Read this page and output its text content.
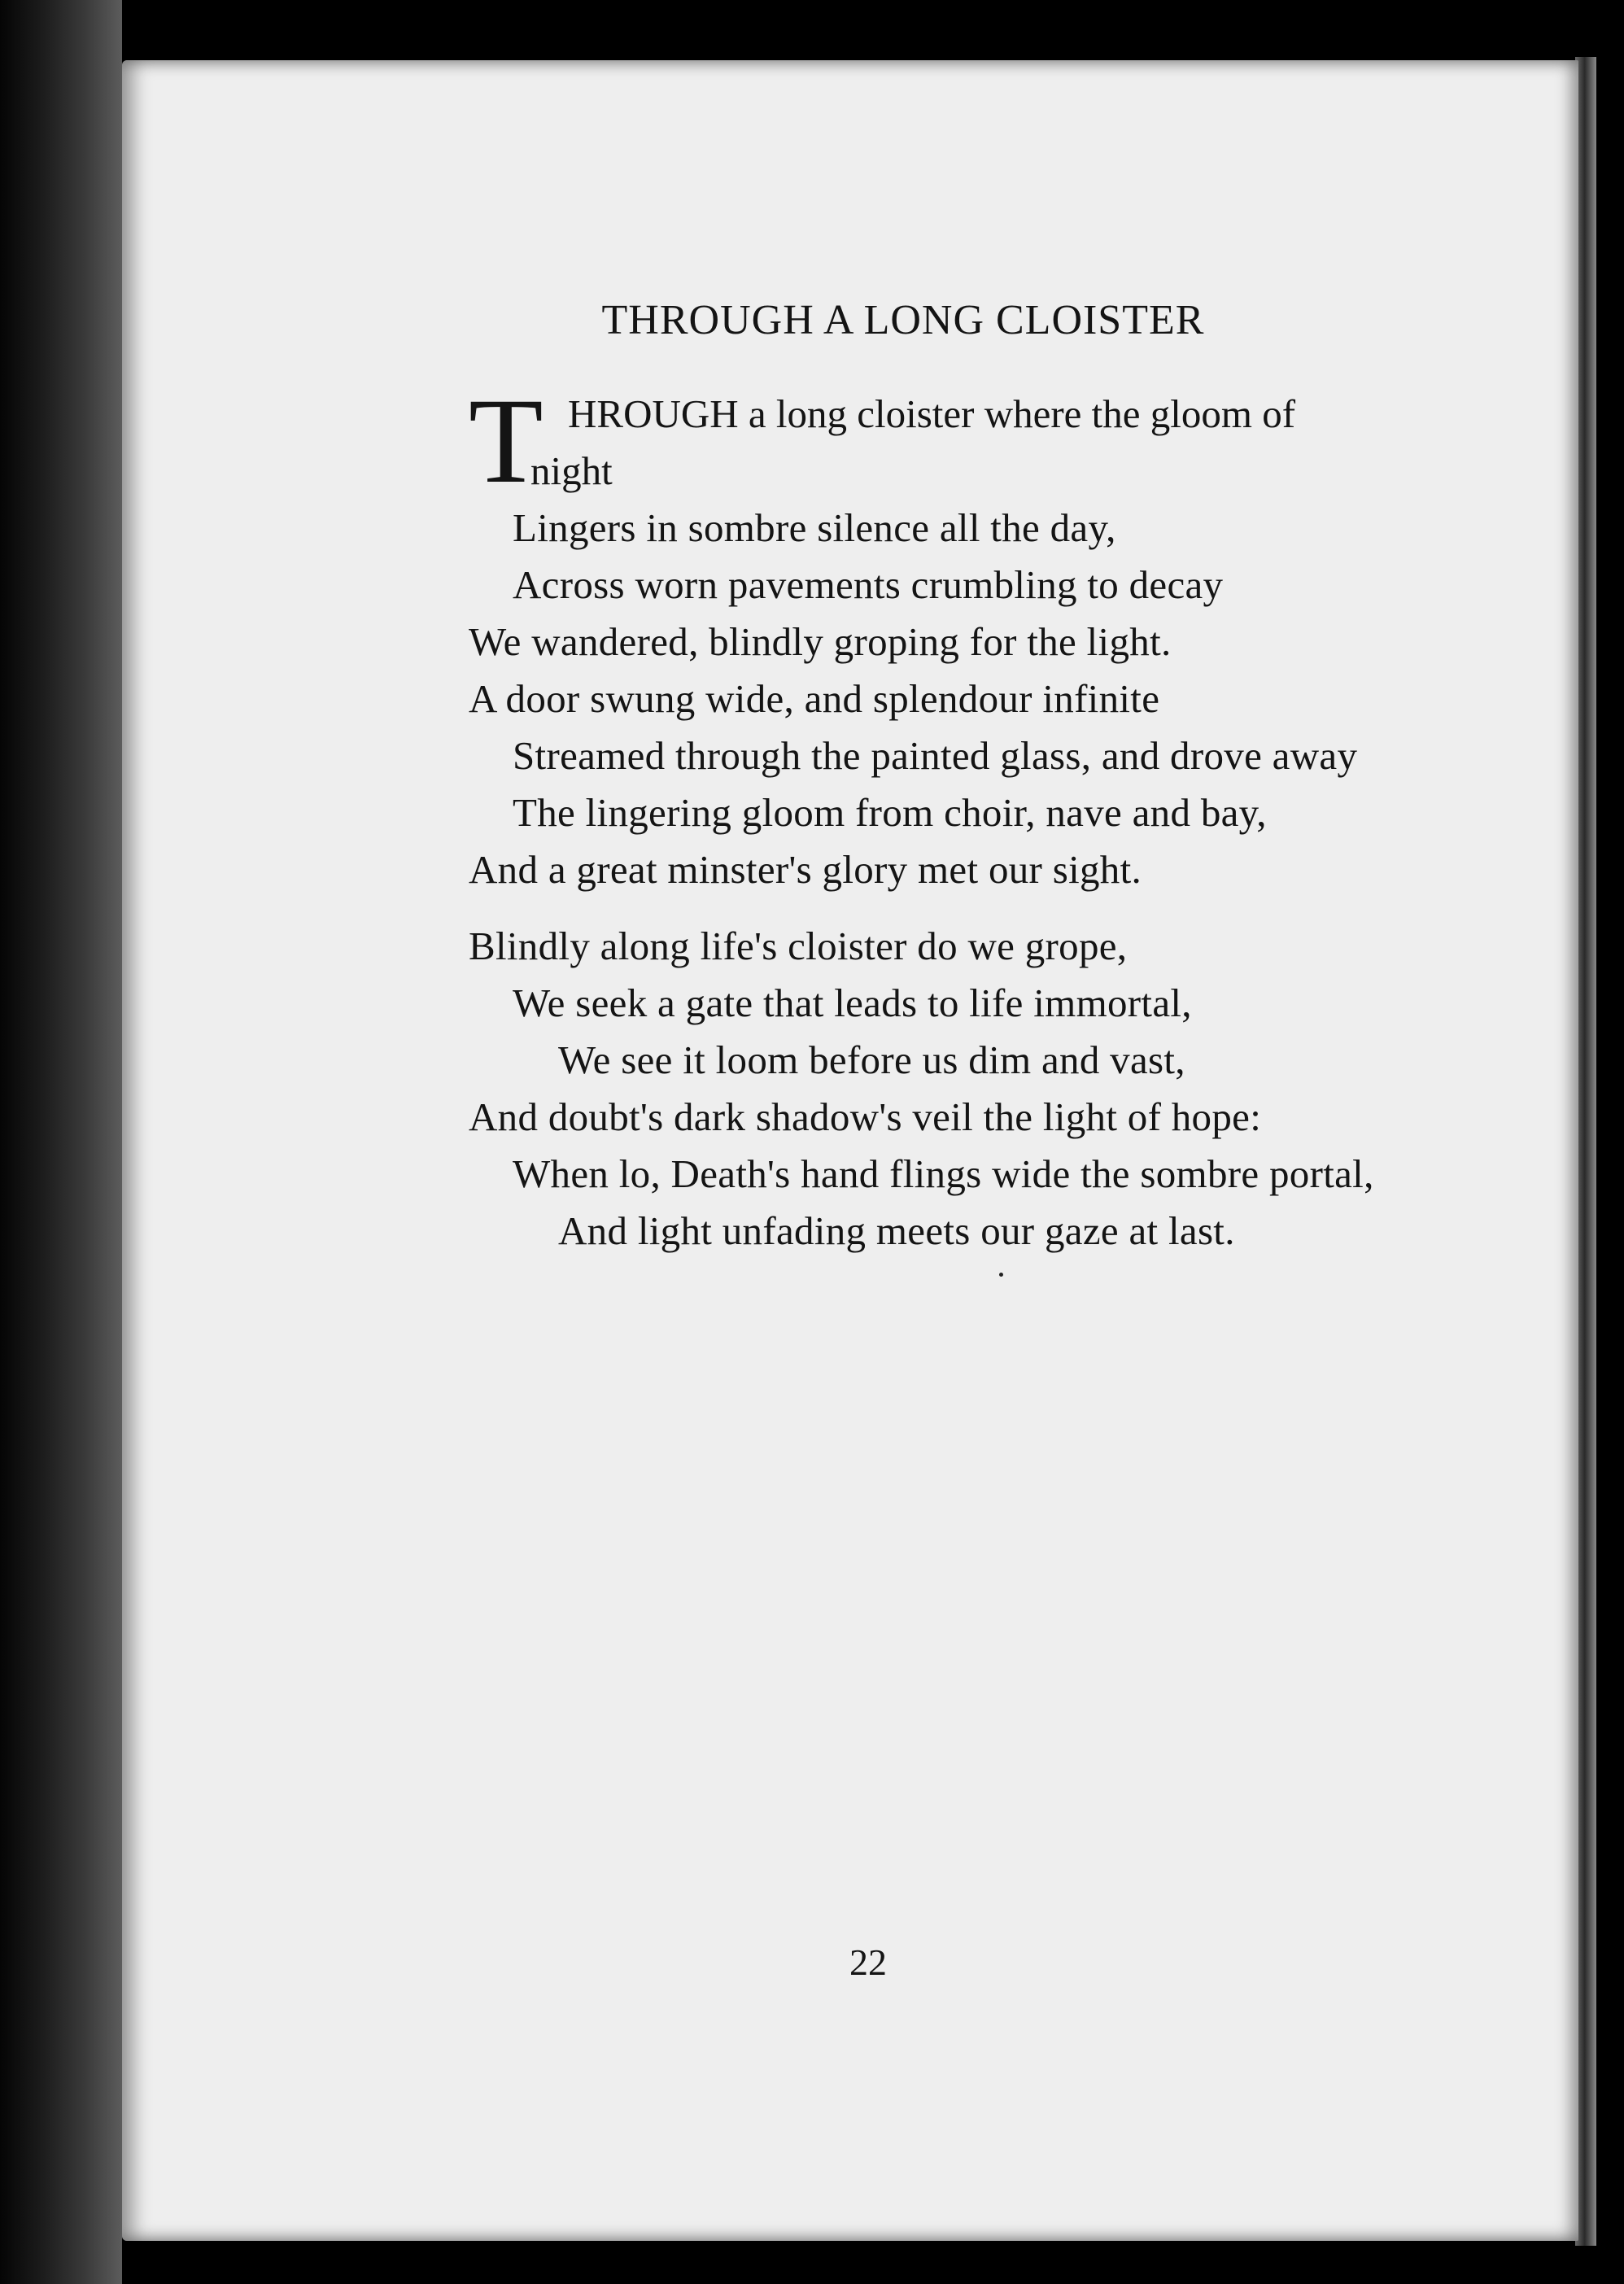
THROUGH A LONG CLOISTER
T HROUGH a long cloister where the gloom of
night
Lingers in sombre silence all the day,
Across worn pavements crumbling to decay
We wandered, blindly groping for the light.
A door swung wide, and splendour infinite
Streamed through the painted glass, and drove away
The lingering gloom from choir, nave and bay,
And a great minster's glory met our sight.
Blindly along life's cloister do we grope,
We seek a gate that leads to life immortal,
We see it loom before us dim and vast,
And doubt's dark shadow's veil the light of hope:
When lo, Death's hand flings wide the sombre portal,
And light unfading meets our gaze at last.
22
